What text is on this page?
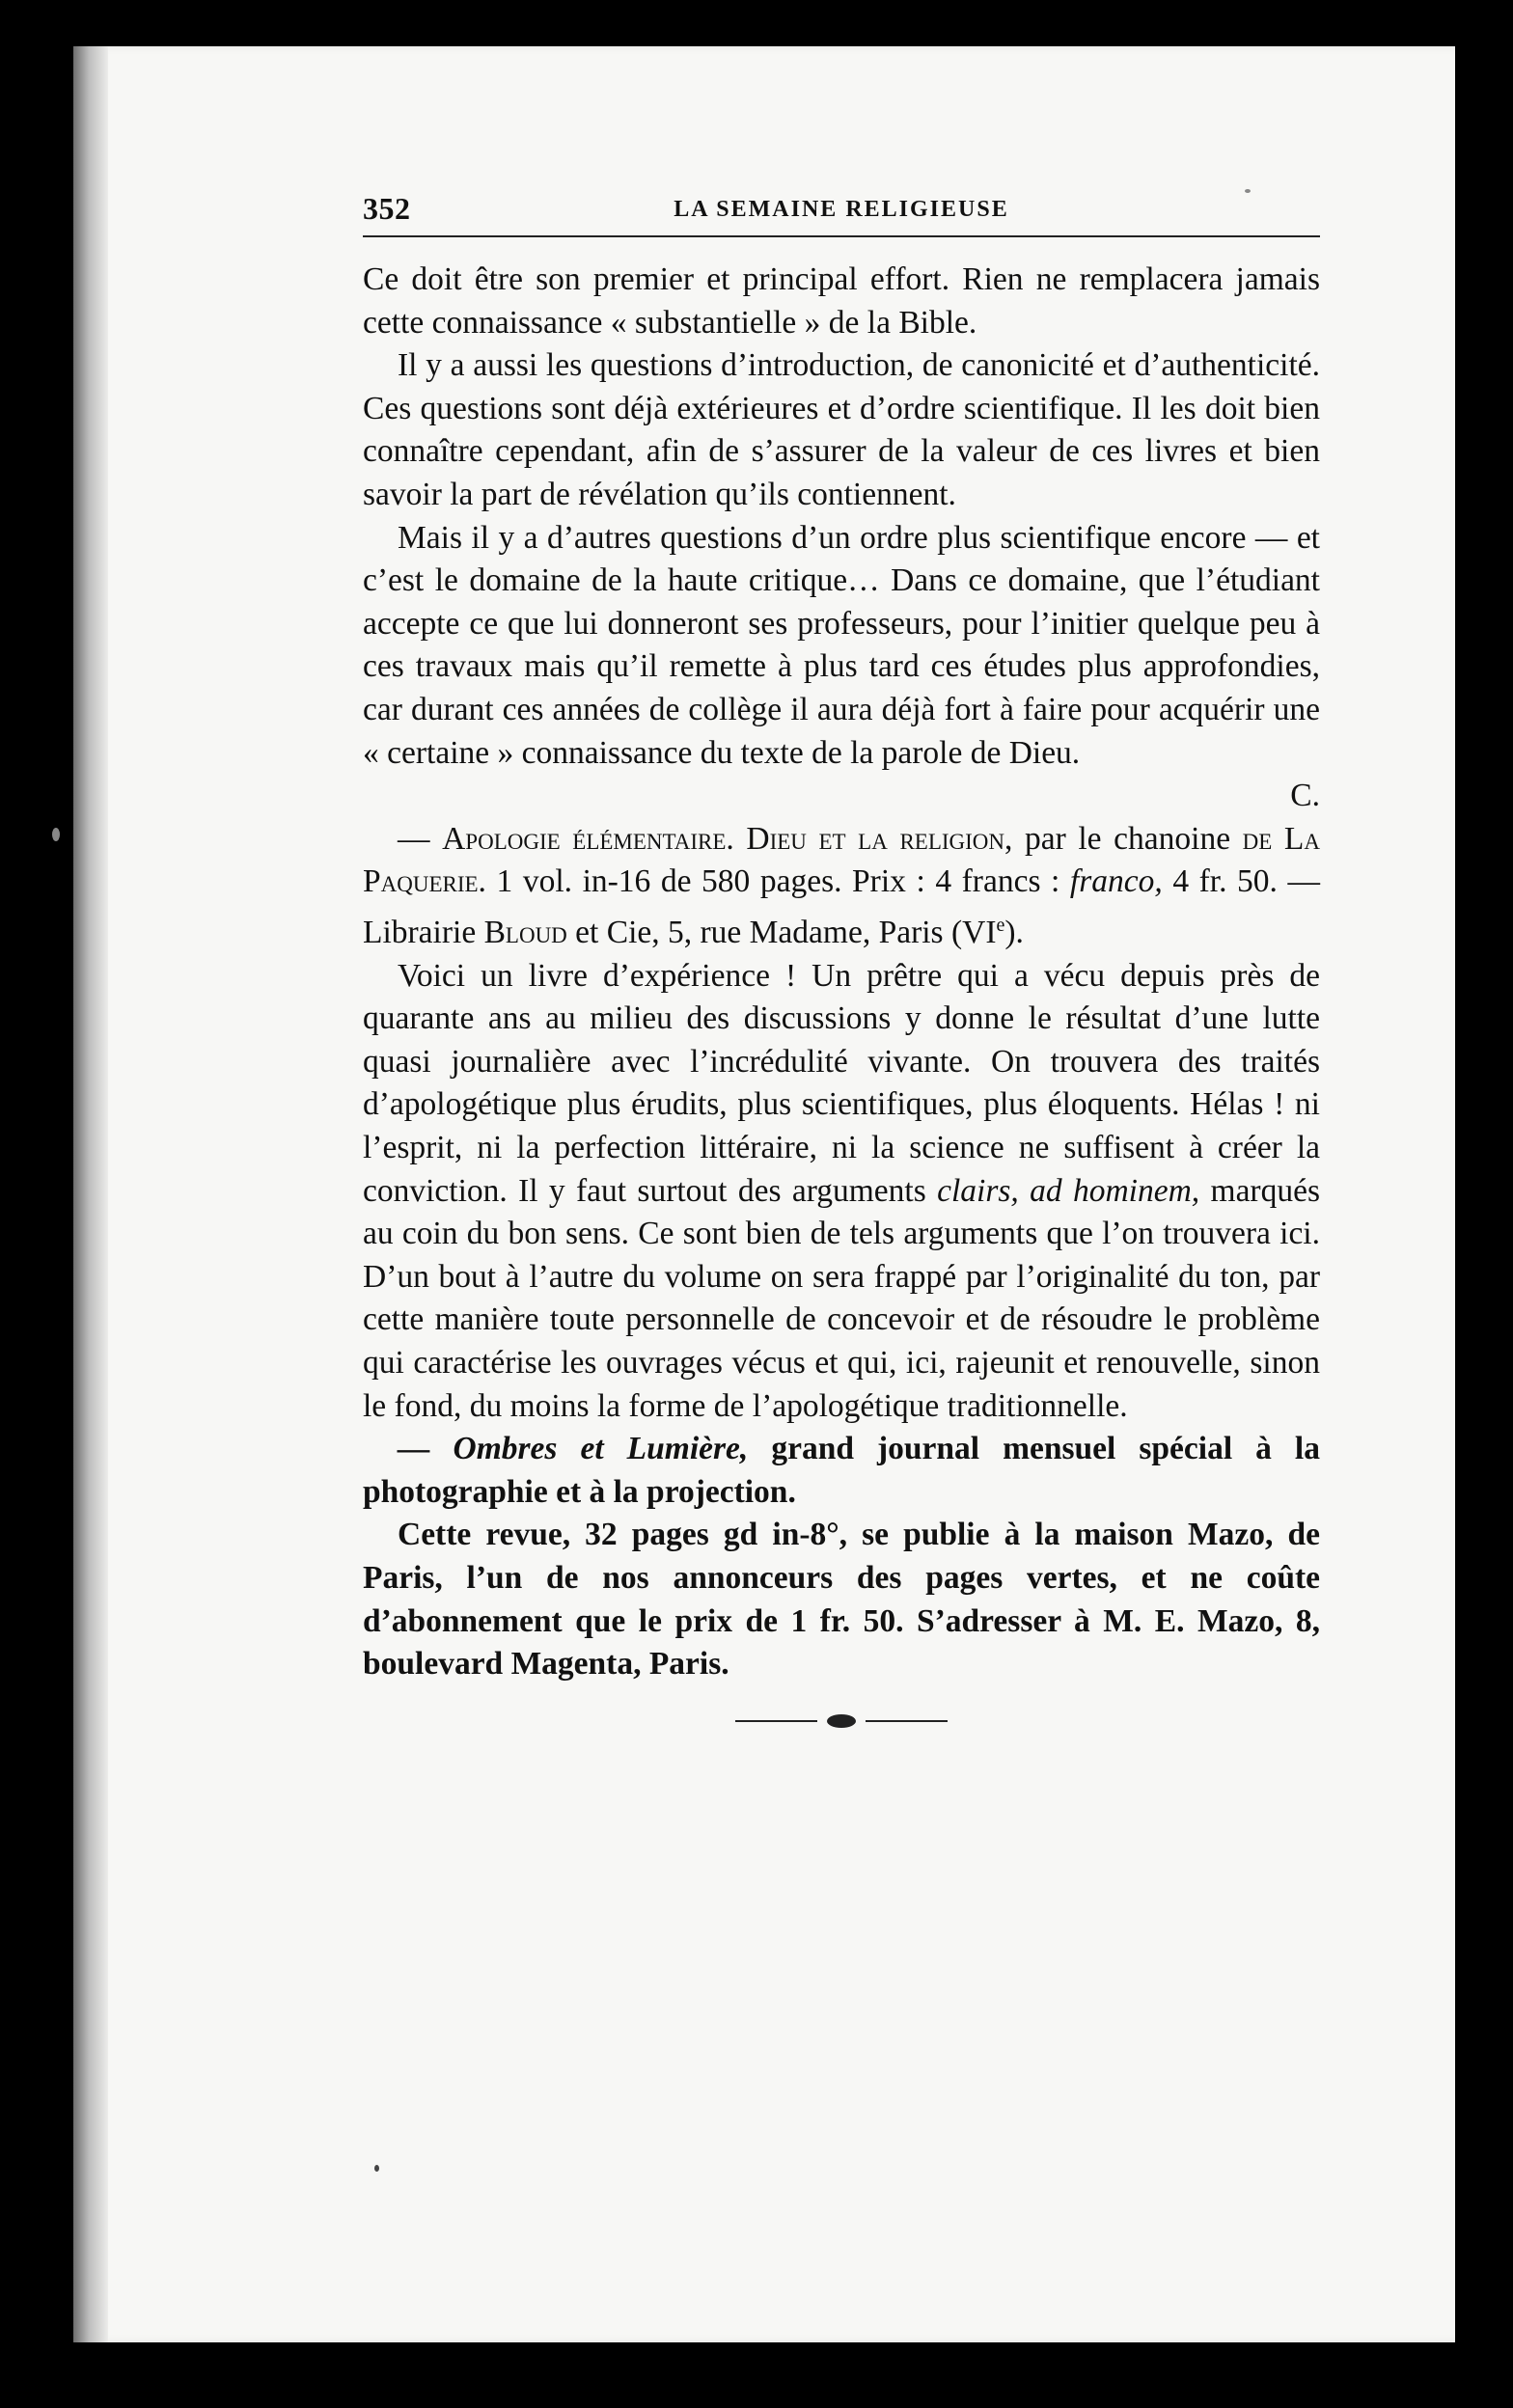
352	LA SEMAINE RELIGIEUSE

Ce doit être son premier et principal effort. Rien ne remplacera jamais cette connaissance « substantielle » de la Bible.

Il y a aussi les questions d’introduction, de canonicité et d’authenticité. Ces questions sont déjà extérieures et d’ordre scientifique. Il les doit bien connaître cependant, afin de s’assurer de la valeur de ces livres et bien savoir la part de révélation qu’ils contiennent.

Mais il y a d’autres questions d’un ordre plus scientifique encore — et c’est le domaine de la haute critique… Dans ce domaine, que l’étudiant accepte ce que lui donneront ses professeurs, pour l’initier quelque peu à ces travaux mais qu’il remette à plus tard ces études plus approfondies, car durant ces années de collège il aura déjà fort à faire pour acquérir une « certaine » connaissance du texte de la parole de Dieu.
C.

— Apologie élémentaire. Dieu et la religion, par le chanoine de La Paquerie. 1 vol. in-16 de 580 pages. Prix : 4 francs : franco, 4 fr. 50. — Librairie Bloud et Cie, 5, rue Madame, Paris (VIe).

Voici un livre d’expérience ! Un prêtre qui a vécu depuis près de quarante ans au milieu des discussions y donne le résultat d’une lutte quasi journalière avec l’incrédulité vivante. On trouvera des traités d’apologétique plus érudits, plus scientifiques, plus éloquents. Hélas ! ni l’esprit, ni la perfection littéraire, ni la science ne suffisent à créer la conviction. Il y faut surtout des arguments clairs, ad hominem, marqués au coin du bon sens. Ce sont bien de tels arguments que l’on trouvera ici. D’un bout à l’autre du volume on sera frappé par l’originalité du ton, par cette manière toute personnelle de concevoir et de résoudre le problème qui caractérise les ouvrages vécus et qui, ici, rajeunit et renouvelle, sinon le fond, du moins la forme de l’apologétique traditionnelle.

— Ombres et Lumière, grand journal mensuel spécial à la photographie et à la projection.

Cette revue, 32 pages gd in-8°, se publie à la maison Mazo, de Paris, l’un de nos annonceurs des pages vertes, et ne coûte d’abonnement que le prix de 1 fr. 50. S’adresser à M. E. Mazo, 8, boulevard Magenta, Paris.
